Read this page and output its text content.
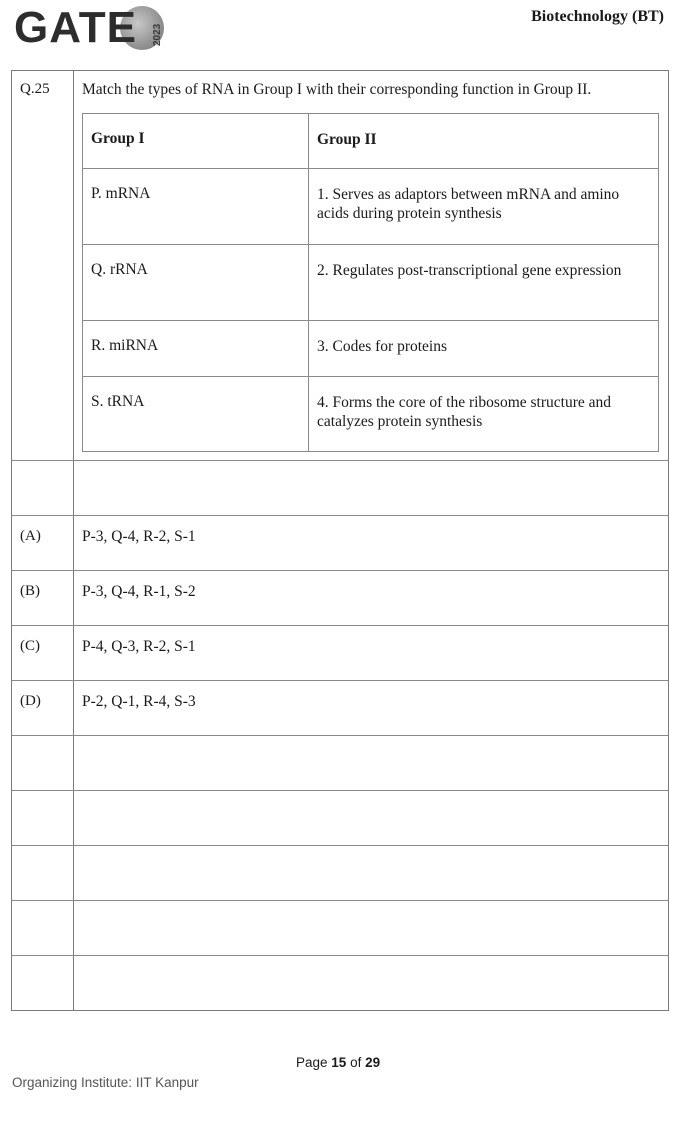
GATE 2023
Biotechnology (BT)
Q.25	Match the types of RNA in Group I with their corresponding function in Group II.
Group I	Group II
P. mRNA	1. Serves as adaptors between mRNA and amino acids during protein synthesis
Q. rRNA	2. Regulates post-transcriptional gene expression
R. miRNA	3. Codes for proteins
S. tRNA	4. Forms the core of the ribosome structure and catalyzes protein synthesis
(A)	P-3, Q-4, R-2, S-1
(B)	P-3, Q-4, R-1, S-2
(C)	P-4, Q-3, R-2, S-1
(D)	P-2, Q-1, R-4, S-3
Page 15 of 29
Organizing Institute: IIT Kanpur
